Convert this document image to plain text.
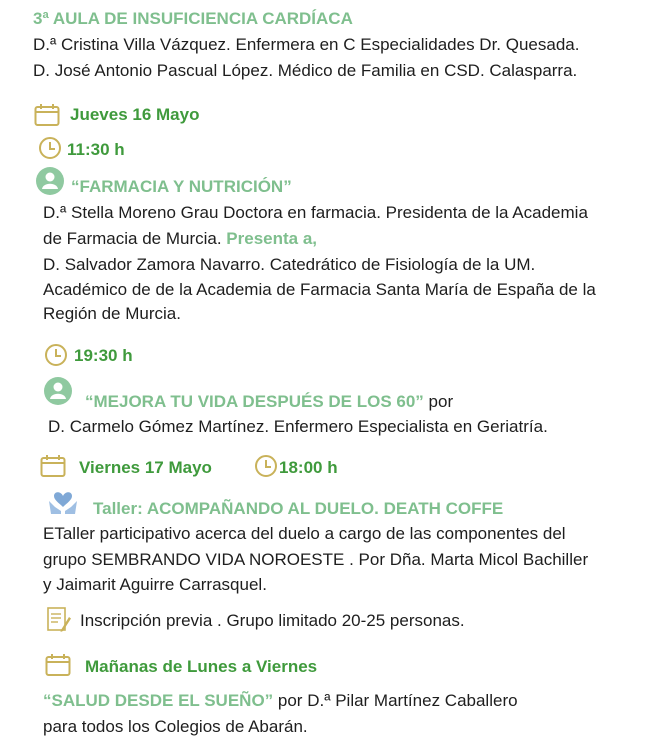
3ª AULA DE INSUFICIENCIA CARDÍACA
D.ª Cristina Villa Vázquez. Enfermera en C Especialidades Dr. Quesada.
D. José Antonio Pascual López. Médico de Familia en CSD. Calasparra.
Jueves 16 Mayo
11:30 h
“FARMACIA Y NUTRICIÓN”
D.ª Stella Moreno Grau Doctora en farmacia. Presidenta de la Academia
de Farmacia de Murcia. Presenta a,
D. Salvador Zamora Navarro. Catedrático de Fisiología de la UM.
Académico de de la Academia de Farmacia Santa María de España de la
Región de Murcia.
19:30 h
“MEJORA TU VIDA DESPUÉS DE LOS 60” por
D. Carmelo Gómez Martínez. Enfermero Especialista en Geriatría.
Viernes 17 Mayo	18:00 h
Taller: ACOMPAÑANDO AL DUELO. DEATH COFFE
ETaller participativo acerca del duelo a cargo de las componentes del
grupo SEMBRANDO VIDA NOROESTE . Por Dña. Marta Micol Bachiller
y Jaimarit Aguirre Carrasquel.
Inscripción previa . Grupo limitado 20-25 personas.
Mañanas de Lunes a Viernes
“SALUD DESDE EL SUEÑO” por D.ª Pilar Martínez Caballero
para todos los Colegios de Abarán.
